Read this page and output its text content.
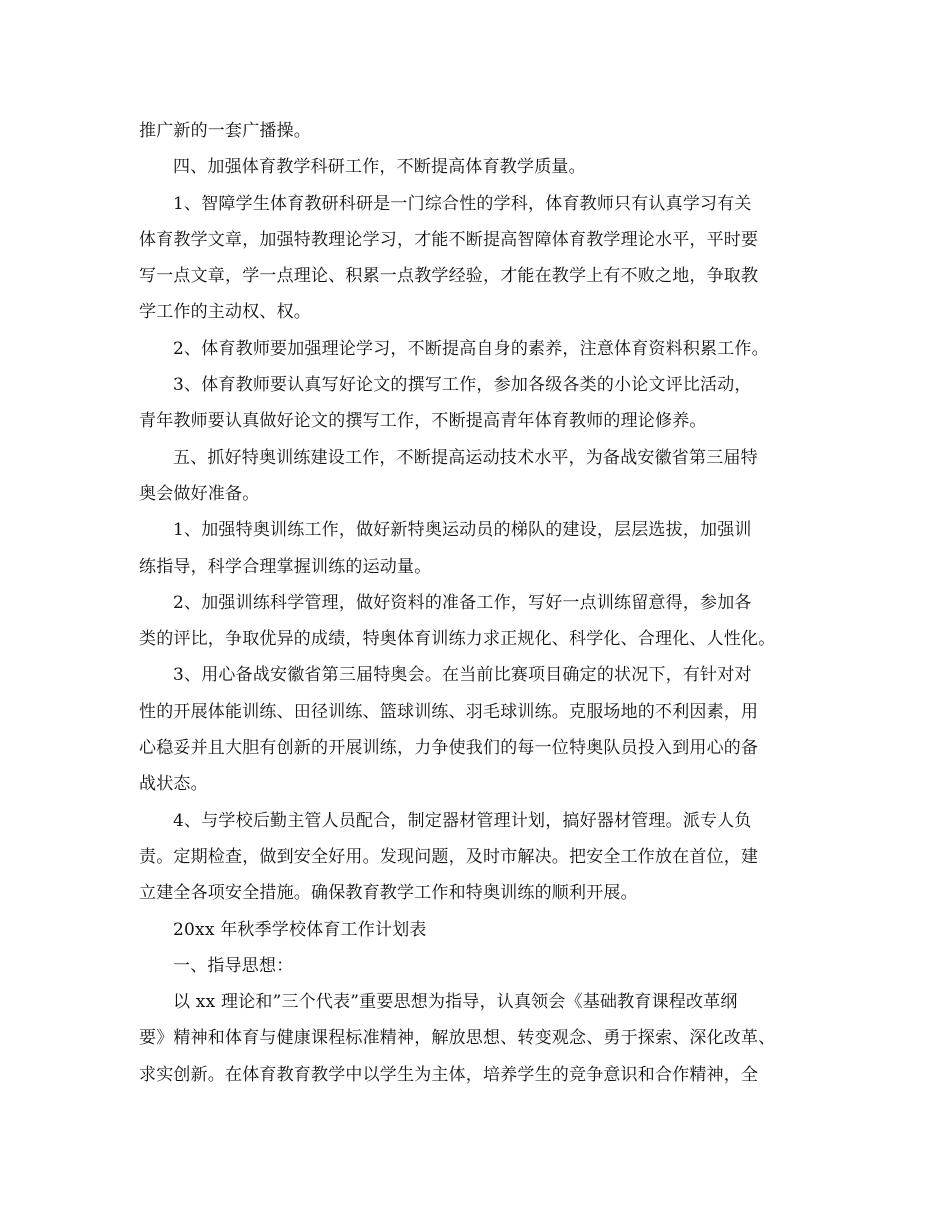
推广新的一套广播操。
四、加强体育教学科研工作，不断提高体育教学质量。
1、智障学生体育教研科研是一门综合性的学科，体育教师只有认真学习有关
体育教学文章，加强特教理论学习，才能不断提高智障体育教学理论水平，平时要
写一点文章，学一点理论、积累一点教学经验，才能在教学上有不败之地，争取教
学工作的主动权、权。
2、体育教师要加强理论学习，不断提高自身的素养，注意体育资料积累工作。
3、体育教师要认真写好论文的撰写工作，参加各级各类的小论文评比活动，
青年教师要认真做好论文的撰写工作，不断提高青年体育教师的理论修养。
五、抓好特奥训练建设工作，不断提高运动技术水平，为备战安徽省第三届特
奥会做好准备。
1、加强特奥训练工作，做好新特奥运动员的梯队的建设，层层选拔，加强训
练指导，科学合理掌握训练的运动量。
2、加强训练科学管理，做好资料的准备工作，写好一点训练留意得，参加各
类的评比，争取优异的成绩，特奥体育训练力求正规化、科学化、合理化、人性化。
3、用心备战安徽省第三届特奥会。在当前比赛项目确定的状况下，有针对对
性的开展体能训练、田径训练、篮球训练、羽毛球训练。克服场地的不利因素，用
心稳妥并且大胆有创新的开展训练，力争使我们的每一位特奥队员投入到用心的备
战状态。
4、与学校后勤主管人员配合，制定器材管理计划，搞好器材管理。派专人负
责。定期检查，做到安全好用。发现问题，及时市解决。把安全工作放在首位，建
立建全各项安全措施。确保教育教学工作和特奥训练的顺利开展。
20xx 年秋季学校体育工作计划表
一、指导思想：
以 xx 理论和”三个代表”重要思想为指导，认真领会《基础教育课程改革纲
要》精神和体育与健康课程标准精神，解放思想、转变观念、勇于探索、深化改革、
求实创新。在体育教育教学中以学生为主体，培养学生的竞争意识和合作精神，全
